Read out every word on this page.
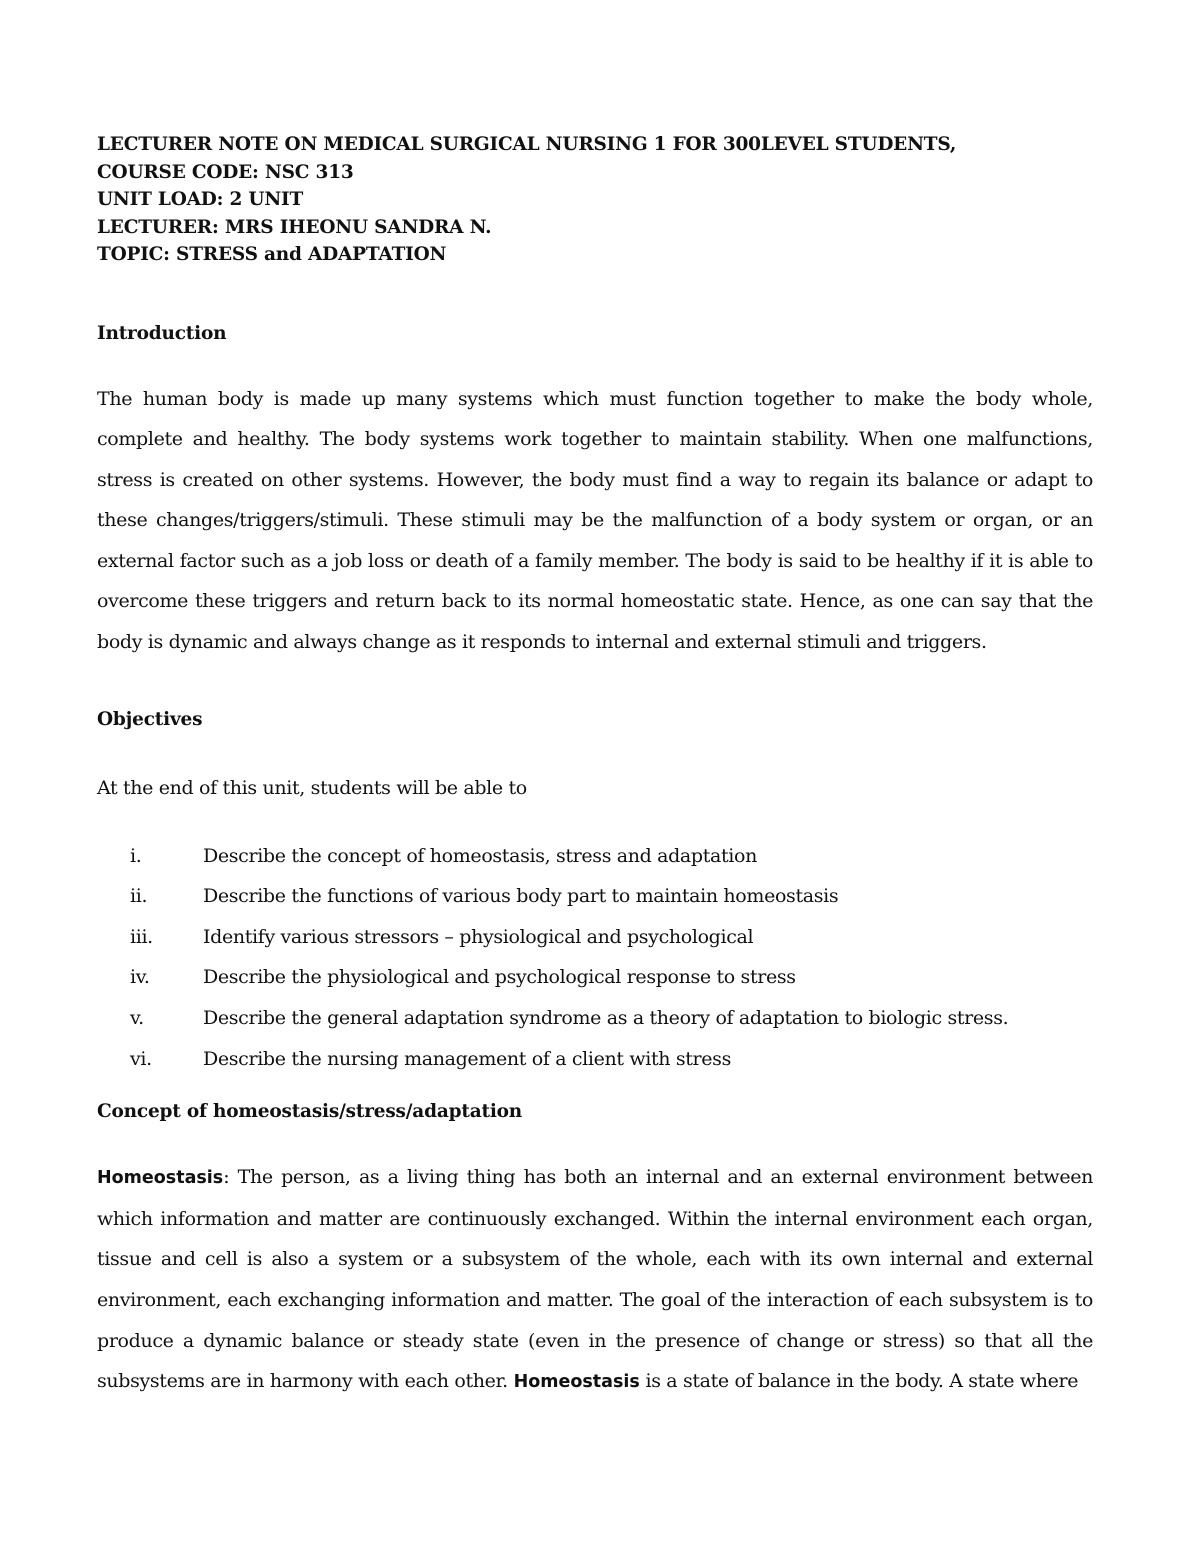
LECTURER NOTE ON MEDICAL SURGICAL NURSING 1 FOR 300LEVEL STUDENTS,
COURSE CODE: NSC 313
UNIT LOAD: 2 UNIT
LECTURER: MRS IHEONU SANDRA N.
TOPIC: STRESS and ADAPTATION
Introduction

The human body is made up many systems which must function together to make the body whole, complete and healthy. The body systems work together to maintain stability. When one malfunctions, stress is created on other systems. However, the body must find a way to regain its balance or adapt to these changes/triggers/stimuli. These stimuli may be the malfunction of a body system or organ, or an external factor such as a job loss or death of a family member. The body is said to be healthy if it is able to overcome these triggers and return back to its normal homeostatic state. Hence, as one can say that the body is dynamic and always change as it responds to internal and external stimuli and triggers.

Objectives
At the end of this unit, students will be able to
i.	Describe the concept of homeostasis, stress and adaptation
ii.	Describe the functions of various body part to maintain homeostasis
iii.	Identify various stressors – physiological and psychological
iv.	Describe the physiological and psychological response to stress
v.	Describe the general adaptation syndrome as a theory of adaptation to biologic stress.
vi.	Describe the nursing management of a client with stress
Concept of homeostasis/stress/adaptation

Homeostasis: The person, as a living thing has both an internal and an external environment between which information and matter are continuously exchanged. Within the internal environment each organ, tissue and cell is also a system or a subsystem of the whole, each with its own internal and external environment, each exchanging information and matter. The goal of the interaction of each subsystem is to produce a dynamic balance or steady state (even in the presence of change or stress) so that all the subsystems are in harmony with each other. Homeostasis is a state of balance in the body. A state where
